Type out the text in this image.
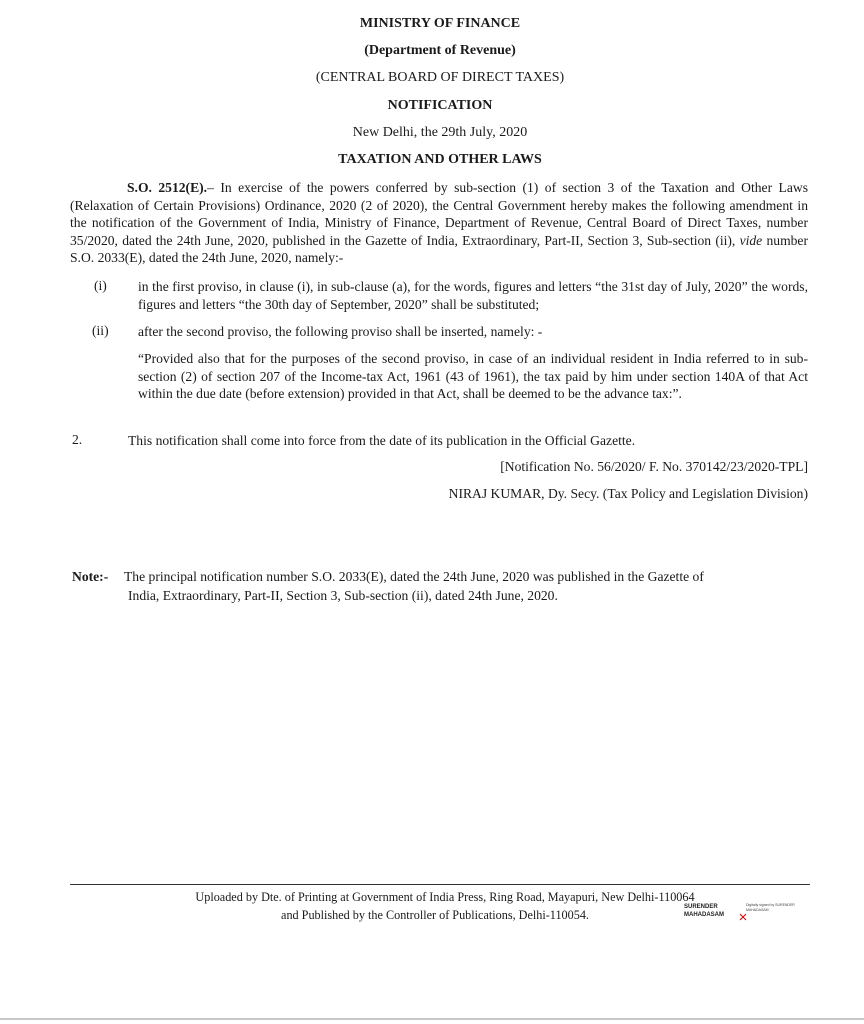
MINISTRY OF FINANCE
(Department of Revenue)
(CENTRAL BOARD OF DIRECT TAXES)
NOTIFICATION
New Delhi, the 29th July, 2020
TAXATION AND OTHER LAWS
S.O. 2512(E).– In exercise of the powers conferred by sub-section (1) of section 3 of the Taxation and Other Laws (Relaxation of Certain Provisions) Ordinance, 2020 (2 of 2020), the Central Government hereby makes the following amendment in the notification of the Government of India, Ministry of Finance, Department of Revenue, Central Board of Direct Taxes, number 35/2020, dated the 24th June, 2020, published in the Gazette of India, Extraordinary, Part-II, Section 3, Sub-section (ii), vide number S.O. 2033(E), dated the 24th June, 2020, namely:-
(i) in the first proviso, in clause (i), in sub-clause (a), for the words, figures and letters “the 31st day of July, 2020” the words, figures and letters “the 30th day of September, 2020” shall be substituted;
(ii) after the second proviso, the following proviso shall be inserted, namely: -
“Provided also that for the purposes of the second proviso, in case of an individual resident in India referred to in sub-section (2) of section 207 of the Income-tax Act, 1961 (43 of 1961), the tax paid by him under section 140A of that Act within the due date (before extension) provided in that Act, shall be deemed to be the advance tax:”.
2.	This notification shall come into force from the date of its publication in the Official Gazette.
[Notification No. 56/2020/ F. No. 370142/23/2020-TPL]
NIRAJ KUMAR, Dy. Secy. (Tax Policy and Legislation Division)
Note:- The principal notification number S.O. 2033(E), dated the 24th June, 2020 was published in the Gazette of
India, Extraordinary, Part-II, Section 3, Sub-section (ii), dated 24th June, 2020.
Uploaded by Dte. of Printing at Government of India Press, Ring Road, Mayapuri, New Delhi-110064
and Published by the Controller of Publications, Delhi-110054.
SURENDER
MAHADASAM
Digitally signed by SURENDER MAHADASAM
